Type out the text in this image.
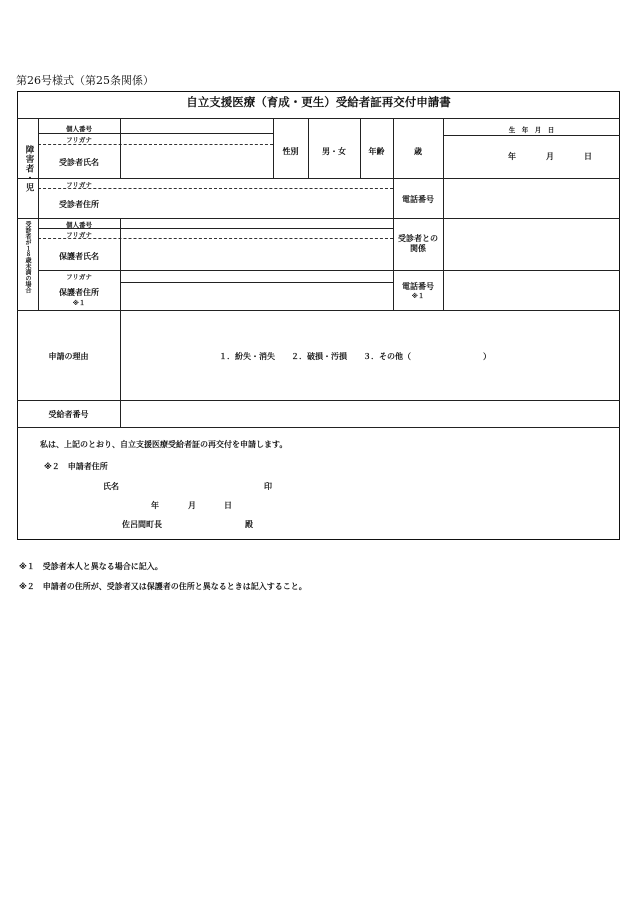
第26号様式（第25条関係）
自立支援医療（育成・更生）受給者証再交付申請書
障害者・児
受診者が１８歳未満の場合
個人番号
フリガナ
受診者氏名
性別	男・女	年齢	歳
生　年　月　日
年	月	日
フリガナ
受診者住所
電話番号
個人番号
フリガナ
保護者氏名
受診者との関係
フリガナ
保護者住所
※１
電話番号
※１
申請の理由	１．紛失・消失　　２．破損・汚損　　３．その他（　　　　　　　　　）
受給者番号
私は、上記のとおり、自立支援医療受給者証の再交付を申請します。
※２　申請者住所
氏名	印
年	月	日
佐呂間町長	殿
※１　受診者本人と異なる場合に記入。
※２　申請者の住所が、受診者又は保護者の住所と異なるときは記入すること。
